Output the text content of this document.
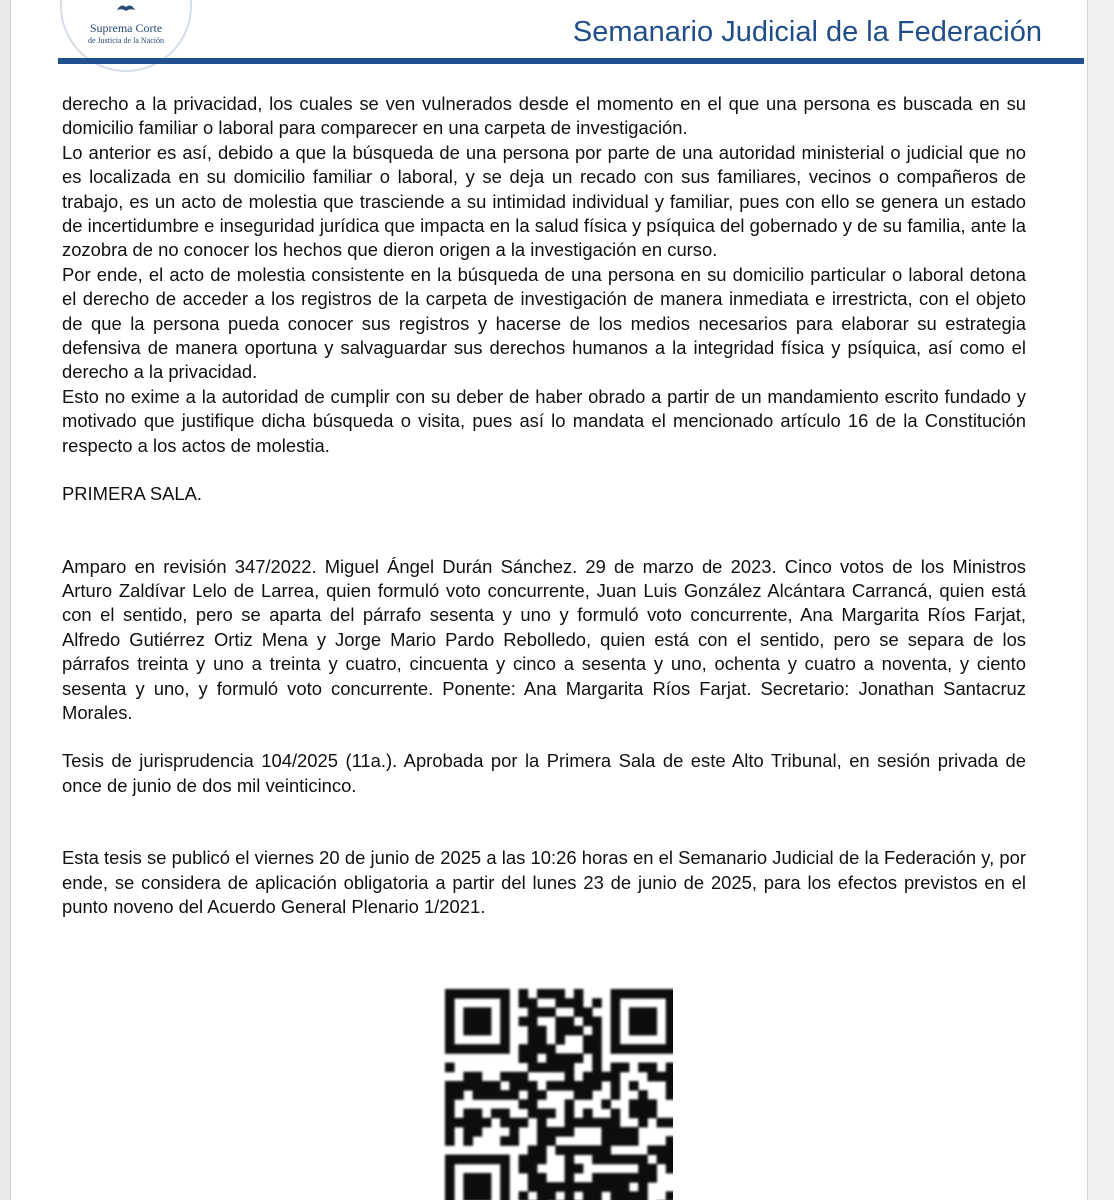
Suprema Corte
de Justicia de la Nación	Semanario Judicial de la Federación

derecho a la privacidad, los cuales se ven vulnerados desde el momento en el que una persona es buscada en su domicilio familiar o laboral para comparecer en una carpeta de investigación.

Lo anterior es así, debido a que la búsqueda de una persona por parte de una autoridad ministerial o judicial que no es localizada en su domicilio familiar o laboral, y se deja un recado con sus familiares, vecinos o compañeros de trabajo, es un acto de molestia que trasciende a su intimidad individual y familiar, pues con ello se genera un estado de incertidumbre e inseguridad jurídica que impacta en la salud física y psíquica del gobernado y de su familia, ante la zozobra de no conocer los hechos que dieron origen a la investigación en curso.

Por ende, el acto de molestia consistente en la búsqueda de una persona en su domicilio particular o laboral detona el derecho de acceder a los registros de la carpeta de investigación de manera inmediata e irrestricta, con el objeto de que la persona pueda conocer sus registros y hacerse de los medios necesarios para elaborar su estrategia defensiva de manera oportuna y salvaguardar sus derechos humanos a la integridad física y psíquica, así como el derecho a la privacidad.

Esto no exime a la autoridad de cumplir con su deber de haber obrado a partir de un mandamiento escrito fundado y motivado que justifique dicha búsqueda o visita, pues así lo mandata el mencionado artículo 16 de la Constitución respecto a los actos de molestia.

PRIMERA SALA.

Amparo en revisión 347/2022. Miguel Ángel Durán Sánchez. 29 de marzo de 2023. Cinco votos de los Ministros Arturo Zaldívar Lelo de Larrea, quien formuló voto concurrente, Juan Luis González Alcántara Carrancá, quien está con el sentido, pero se aparta del párrafo sesenta y uno y formuló voto concurrente, Ana Margarita Ríos Farjat, Alfredo Gutiérrez Ortiz Mena y Jorge Mario Pardo Rebolledo, quien está con el sentido, pero se separa de los párrafos treinta y uno a treinta y cuatro, cincuenta y cinco a sesenta y uno, ochenta y cuatro a noventa, y ciento sesenta y uno, y formuló voto concurrente. Ponente: Ana Margarita Ríos Farjat. Secretario: Jonathan Santacruz Morales.

Tesis de jurisprudencia 104/2025 (11a.). Aprobada por la Primera Sala de este Alto Tribunal, en sesión privada de once de junio de dos mil veinticinco.

Esta tesis se publicó el viernes 20 de junio de 2025 a las 10:26 horas en el Semanario Judicial de la Federación y, por ende, se considera de aplicación obligatoria a partir del lunes 23 de junio de 2025, para los efectos previstos en el punto noveno del Acuerdo General Plenario 1/2021.
